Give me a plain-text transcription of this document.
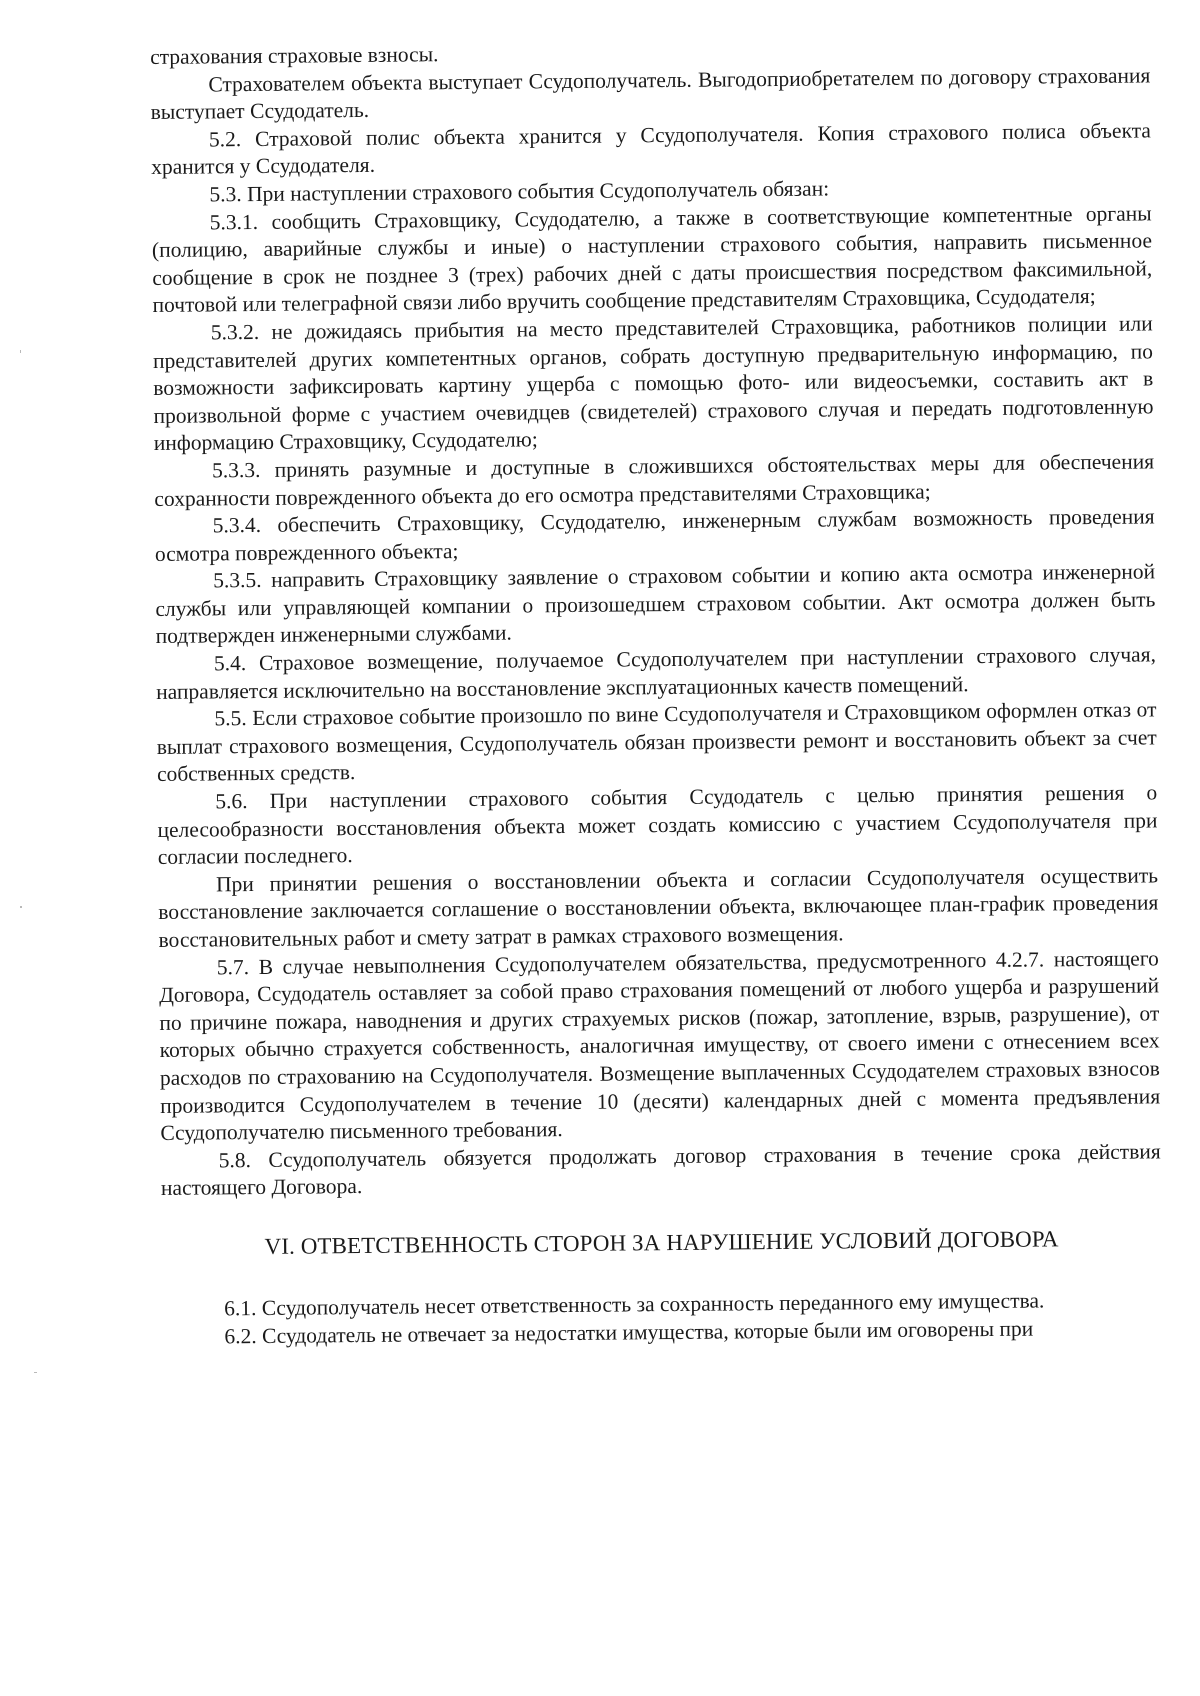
страхования страховые взносы.

Страхователем объекта выступает Ссудополучатель. Выгодоприобретателем по договору страхования выступает Ссудодатель.

5.2. Страховой полис объекта хранится у Ссудополучателя. Копия страхового полиса объекта хранится у Ссудодателя.

5.3. При наступлении страхового события Ссудополучатель обязан:

5.3.1. сообщить Страховщику, Ссудодателю, а также в соответствующие компетентные органы (полицию, аварийные службы и иные) о наступлении страхового события, направить письменное сообщение в срок не позднее 3 (трех) рабочих дней с даты происшествия посредством факсимильной, почтовой или телеграфной связи либо вручить сообщение представителям Страховщика, Ссудодателя;

5.3.2. не дожидаясь прибытия на место представителей Страховщика, работников полиции или представителей других компетентных органов, собрать доступную предварительную информацию, по возможности зафиксировать картину ущерба с помощью фото- или видеосъемки, составить акт в произвольной форме с участием очевидцев (свидетелей) страхового случая и передать подготовленную информацию Страховщику, Ссудодателю;

5.3.3. принять разумные и доступные в сложившихся обстоятельствах меры для обеспечения сохранности поврежденного объекта до его осмотра представителями Страховщика;

5.3.4. обеспечить Страховщику, Ссудодателю, инженерным службам возможность проведения осмотра поврежденного объекта;

5.3.5. направить Страховщику заявление о страховом событии и копию акта осмотра инженерной службы или управляющей компании о произошедшем страховом событии. Акт осмотра должен быть подтвержден инженерными службами.

5.4. Страховое возмещение, получаемое Ссудополучателем при наступлении страхового случая, направляется исключительно на восстановление эксплуатационных качеств помещений.

5.5. Если страховое событие произошло по вине Ссудополучателя и Страховщиком оформлен отказ от выплат страхового возмещения, Ссудополучатель обязан произвести ремонт и восстановить объект за счет собственных средств.

5.6. При наступлении страхового события Ссудодатель с целью принятия решения о целесообразности восстановления объекта может создать комиссию с участием Ссудополучателя при согласии последнего.

При принятии решения о восстановлении объекта и согласии Ссудополучателя осуществить восстановление заключается соглашение о восстановлении объекта, включающее план-график проведения восстановительных работ и смету затрат в рамках страхового возмещения.

5.7. В случае невыполнения Ссудополучателем обязательства, предусмотренного 4.2.7. настоящего Договора, Ссудодатель оставляет за собой право страхования помещений от любого ущерба и разрушений по причине пожара, наводнения и других страхуемых рисков (пожар, затопление, взрыв, разрушение), от которых обычно страхуется собственность, аналогичная имуществу, от своего имени с отнесением всех расходов по страхованию на Ссудополучателя. Возмещение выплаченных Ссудодателем страховых взносов производится Ссудополучателем в течение 10 (десяти) календарных дней с момента предъявления Ссудополучателю письменного требования.

5.8. Ссудополучатель обязуется продолжать договор страхования в течение срока действия настоящего Договора.

VI. ОТВЕТСТВЕННОСТЬ СТОРОН ЗА НАРУШЕНИЕ УСЛОВИЙ ДОГОВОРА

6.1. Ссудополучатель несет ответственность за сохранность переданного ему имущества.

6.2. Ссудодатель не отвечает за недостатки имущества, которые были им оговорены при
